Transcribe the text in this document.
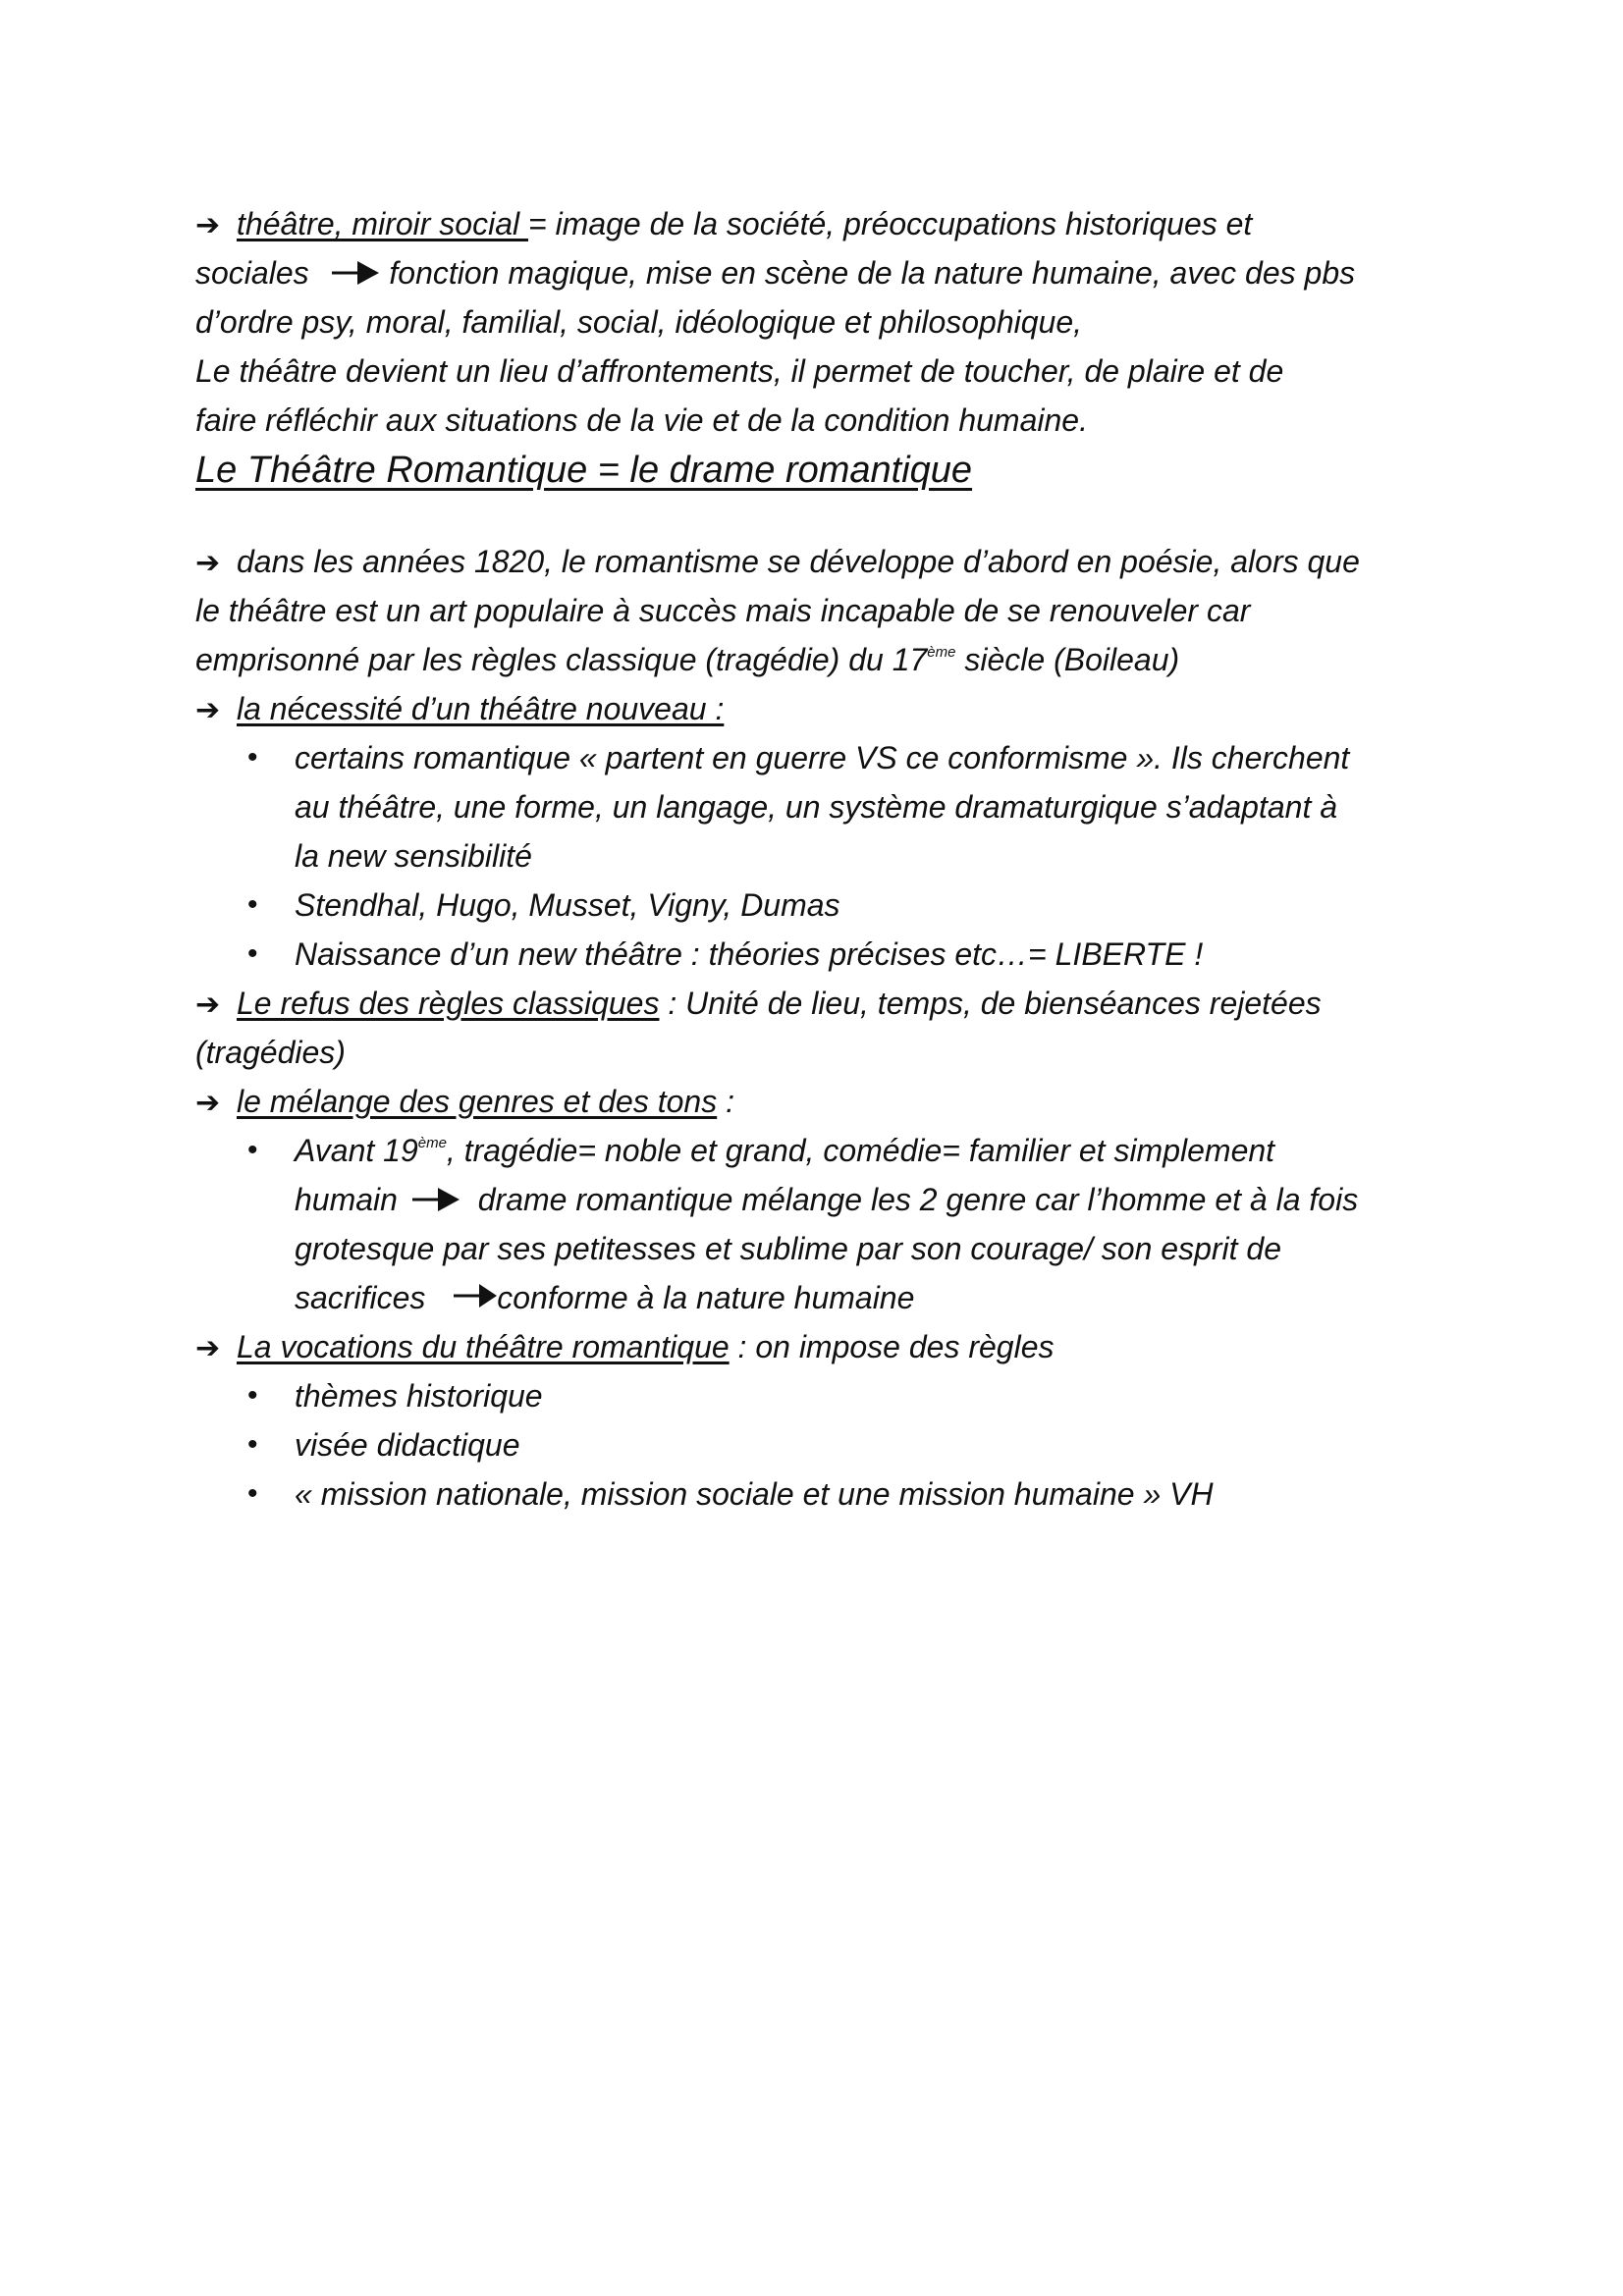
➔ théâtre, miroir social = image de la société, préoccupations historiques et
sociales	fonction magique, mise en scène de la nature humaine, avec des pbs
d’ordre psy, moral, familial, social, idéologique et philosophique,
Le théâtre devient un lieu d’affrontements, il permet de toucher, de plaire et de
faire réfléchir aux situations de la vie et de la condition humaine.
Le Théâtre Romantique = le drame romantique
➔ dans les années 1820, le romantisme se développe d’abord en poésie, alors que
le théâtre est un art populaire à succès mais incapable de se renouveler car
emprisonné par les règles classique (tragédie) du 17ème siècle (Boileau)
➔ la nécessité d’un théâtre nouveau :
• certains romantique « partent en guerre VS ce conformisme ». Ils cherchent
au théâtre, une forme, un langage, un système dramaturgique s’adaptant à
la new sensibilité
• Stendhal, Hugo, Musset, Vigny, Dumas
• Naissance d’un new théâtre : théories précises etc…= LIBERTE !
➔ Le refus des règles classiques : Unité de lieu, temps, de bienséances rejetées
(tragédies)
➔ le mélange des genres et des tons :
• Avant 19ème, tragédie= noble et grand, comédie= familier et simplement
humain	drame romantique mélange les 2 genre car l’homme et à la fois
grotesque par ses petitesses et sublime par son courage/ son esprit de
sacrifices conforme à la nature humaine
➔ La vocations du théâtre romantique : on impose des règles
• thèmes historique
• visée didactique
• « mission nationale, mission sociale et une mission humaine » VH
